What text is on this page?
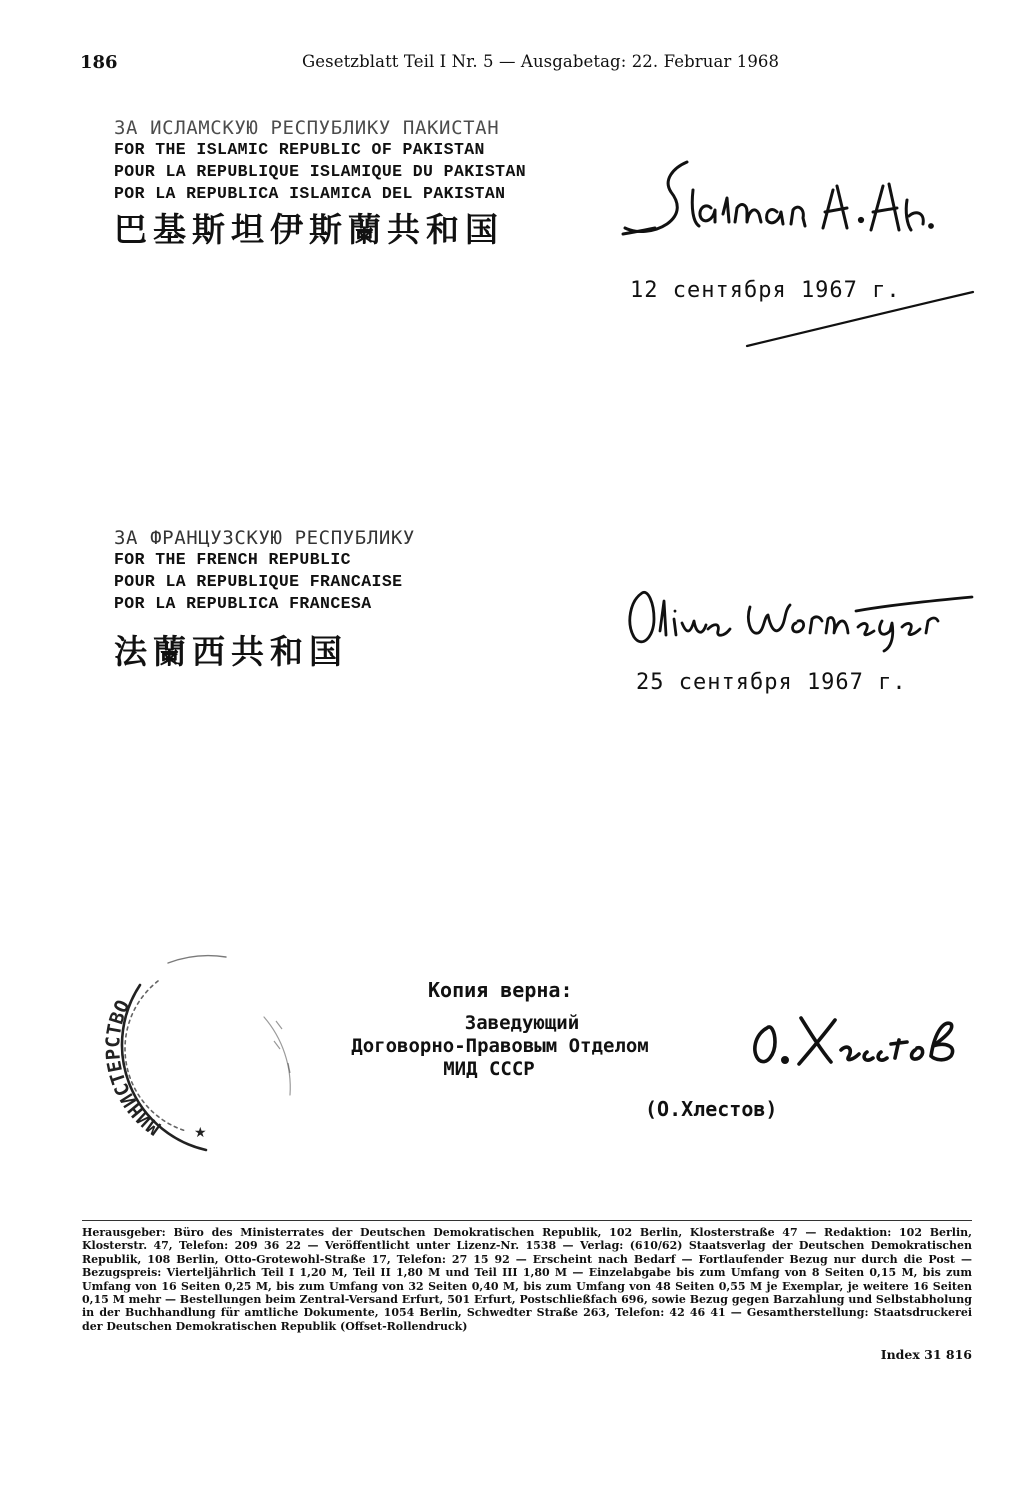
186	Gesetzblatt Teil I Nr. 5 — Ausgabetag: 22. Februar 1968
ЗА ИСЛАМСКУЮ РЕСПУБЛИКУ ПАКИСТАН
FOR THE ISLAMIC REPUBLIC OF PAKISTAN
POUR LA REPUBLIQUE ISLAMIQUE DU PAKISTAN
POR LA REPUBLICA ISLAMICA DEL PAKISTAN
巴基斯坦伊斯蘭共和国
12 сентября 1967 г.
ЗА ФРАНЦУЗСКУЮ РЕСПУБЛИКУ
FOR THE FRENCH REPUBLIC
POUR LA REPUBLIQUE FRANCAISE
POR LA REPUBLICA FRANCESA
法蘭西共和国
25 сентября 1967 г.
МИНИСТЕРСТВО
★
Копия верна:
Заведующий
Договорно-Правовым Отделом
МИД СССР
(О.Хлестов)
Herausgeber: Büro des Ministerrates der Deutschen Demokratischen Republik, 102 Berlin, Klosterstraße 47 — Redaktion: 102 Berlin, Klosterstr. 47, Telefon: 209 36 22 — Veröffentlicht unter Lizenz-Nr. 1538 — Verlag: (610/62) Staatsverlag der Deutschen Demokratischen Republik, 108 Berlin, Otto-Grotewohl-Straße 17, Telefon: 27 15 92 — Erscheint nach Bedarf — Fortlaufender Bezug nur durch die Post — Bezugspreis: Vierteljährlich Teil I 1,20 M, Teil II 1,80 M und Teil III 1,80 M — Einzelabgabe bis zum Umfang von 8 Seiten 0,15 M, bis zum Umfang von 16 Seiten 0,25 M, bis zum Umfang von 32 Seiten 0,40 M, bis zum Umfang von 48 Seiten 0,55 M je Exemplar, je weitere 16 Seiten 0,15 M mehr — Bestellungen beim Zentral-Versand Erfurt, 501 Erfurt, Postschließfach 696, sowie Bezug gegen Barzahlung und Selbstabholung in der Buchhandlung für amtliche Dokumente, 1054 Berlin, Schwedter Straße 263, Telefon: 42 46 41 — Gesamtherstellung: Staatsdruckerei der Deutschen Demokratischen Republik (Offset-Rollendruck)
Index 31 816
